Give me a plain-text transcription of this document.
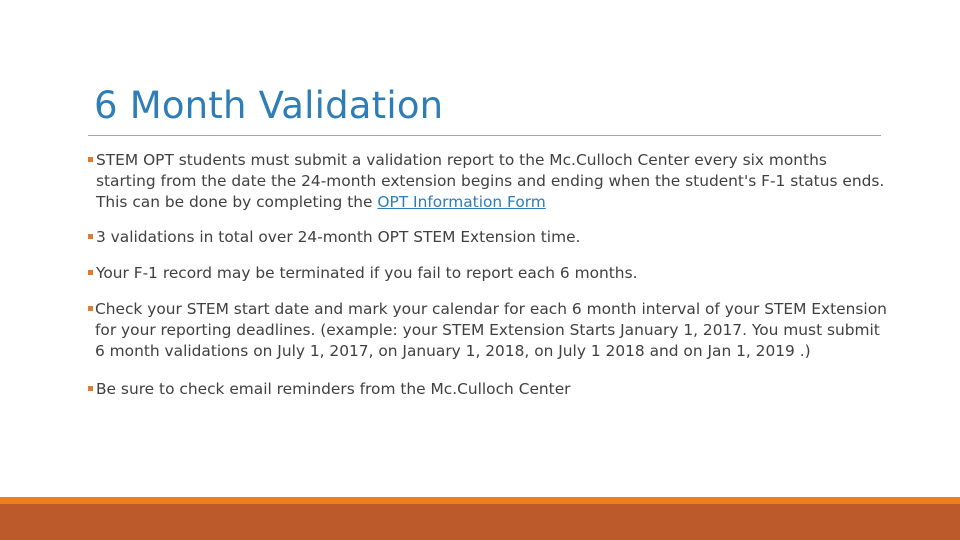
6 Month Validation
STEM OPT students must submit a validation report to the Mc.Culloch Center every six months starting from the date the 24-month extension begins and ending when the student's F-1 status ends. This can be done by completing the OPT Information Form
3 validations in total over 24-month OPT STEM Extension time.
Your F-1 record may be terminated if you fail to report each 6 months.
Check your STEM start date and mark your calendar for each 6 month interval of your STEM Extension for your reporting deadlines. (example: your STEM Extension Starts January 1, 2017. You must submit 6 month validations on July 1, 2017, on January 1, 2018, on July 1 2018 and on Jan 1, 2019 .)
Be sure to check email reminders from the Mc.Culloch Center
